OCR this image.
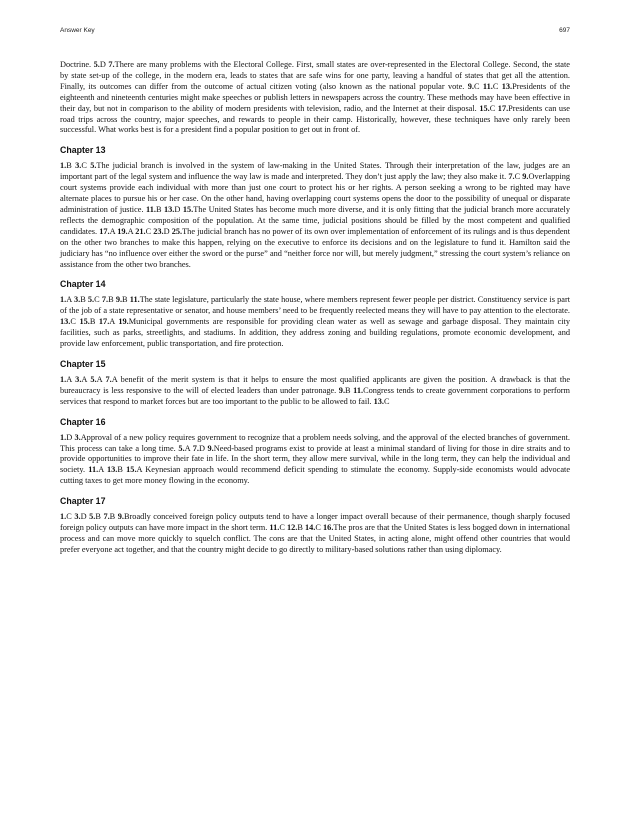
Answer Key	697

Doctrine. 5.D 7.There are many problems with the Electoral College. First, small states are over-represented in the Electoral College. Second, the state by state set-up of the college, in the modern era, leads to states that are safe wins for one party, leaving a handful of states that get all the attention. Finally, its outcomes can differ from the outcome of actual citizen voting (also known as the national popular vote. 9.C 11.C 13.Presidents of the eighteenth and nineteenth centuries might make speeches or publish letters in newspapers across the country. These methods may have been effective in their day, but not in comparison to the ability of modern presidents with television, radio, and the Internet at their disposal. 15.C 17.Presidents can use road trips across the country, major speeches, and rewards to people in their camp. Historically, however, these techniques have only rarely been successful. What works best is for a president find a popular position to get out in front of.

Chapter 13

1.B 3.C 5.The judicial branch is involved in the system of law-making in the United States. Through their interpretation of the law, judges are an important part of the legal system and influence the way law is made and interpreted. They don’t just apply the law; they also make it. 7.C 9.Overlapping court systems provide each individual with more than just one court to protect his or her rights. A person seeking a wrong to be righted may have alternate places to pursue his or her case. On the other hand, having overlapping court systems opens the door to the possibility of unequal or disparate administration of justice. 11.B 13.D 15.The United States has become much more diverse, and it is only fitting that the judicial branch more accurately reflects the demographic composition of the population. At the same time, judicial positions should be filled by the most competent and qualified candidates. 17.A 19.A 21.C 23.D 25.The judicial branch has no power of its own over implementation of enforcement of its rulings and is thus dependent on the other two branches to make this happen, relying on the executive to enforce its decisions and on the legislature to fund it. Hamilton said the judiciary has “no influence over either the sword or the purse” and “neither force nor will, but merely judgment,” stressing the court system’s reliance on assistance from the other two branches.

Chapter 14

1.A 3.B 5.C 7.B 9.B 11.The state legislature, particularly the state house, where members represent fewer people per district. Constituency service is part of the job of a state representative or senator, and house members’ need to be frequently reelected means they will have to pay attention to the electorate. 13.C 15.B 17.A 19.Municipal governments are responsible for providing clean water as well as sewage and garbage disposal. They maintain city facilities, such as parks, streetlights, and stadiums. In addition, they address zoning and building regulations, promote economic development, and provide law enforcement, public transportation, and fire protection.

Chapter 15

1.A 3.A 5.A 7.A benefit of the merit system is that it helps to ensure the most qualified applicants are given the position. A drawback is that the bureaucracy is less responsive to the will of elected leaders than under patronage. 9.B 11.Congress tends to create government corporations to perform services that respond to market forces but are too important to the public to be allowed to fail. 13.C

Chapter 16

1.D 3.Approval of a new policy requires government to recognize that a problem needs solving, and the approval of the elected branches of government. This process can take a long time. 5.A 7.D 9.Need-based programs exist to provide at least a minimal standard of living for those in dire straits and to provide opportunities to improve their fate in life. In the short term, they allow mere survival, while in the long term, they can help the individual and society. 11.A 13.B 15.A Keynesian approach would recommend deficit spending to stimulate the economy. Supply-side economists would advocate cutting taxes to get more money flowing in the economy.

Chapter 17

1.C 3.D 5.B 7.B 9.Broadly conceived foreign policy outputs tend to have a longer impact overall because of their permanence, though sharply focused foreign policy outputs can have more impact in the short term. 11.C 12.B 14.C 16.The pros are that the United States is less bogged down in international process and can move more quickly to squelch conflict. The cons are that the United States, in acting alone, might offend other countries that would prefer everyone act together, and that the country might decide to go directly to military-based solutions rather than using diplomacy.
